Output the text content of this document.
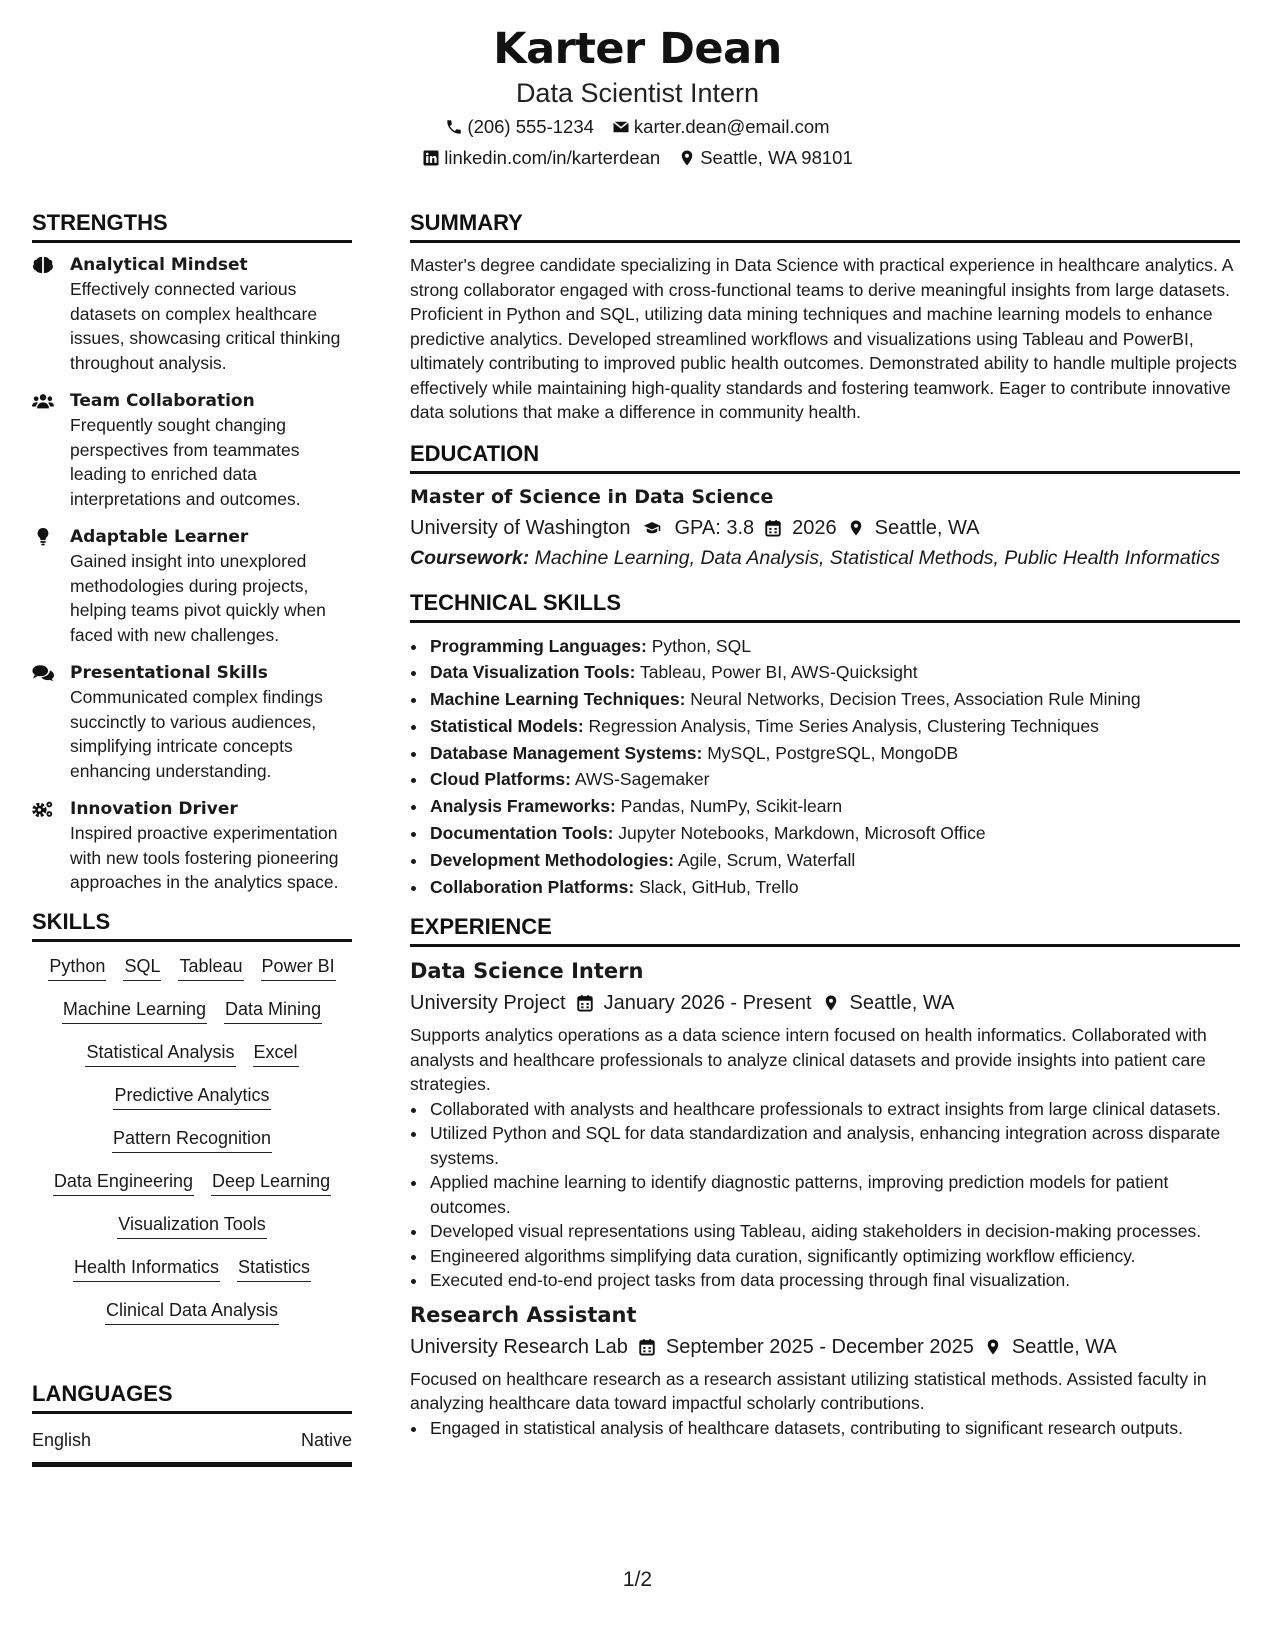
Karter Dean
Data Scientist Intern
(206) 555-1234 karter.dean@email.com
linkedin.com/in/karterdean Seattle, WA 98101
STRENGTHS
Analytical Mindset
Effectively connected various datasets on complex healthcare issues, showcasing critical thinking throughout analysis.
Team Collaboration
Frequently sought changing perspectives from teammates leading to enriched data interpretations and outcomes.
Adaptable Learner
Gained insight into unexplored methodologies during projects, helping teams pivot quickly when faced with new challenges.
Presentational Skills
Communicated complex findings succinctly to various audiences, simplifying intricate concepts enhancing understanding.
Innovation Driver
Inspired proactive experimentation with new tools fostering pioneering approaches in the analytics space.
SKILLS
Python SQL Tableau Power BI
Machine Learning Data Mining
Statistical Analysis Excel
Predictive Analytics
Pattern Recognition
Data Engineering Deep Learning
Visualization Tools
Health Informatics Statistics
Clinical Data Analysis
LANGUAGES
English	Native
SUMMARY

Master's degree candidate specializing in Data Science with practical experience in healthcare analytics. A strong collaborator engaged with cross-functional teams to derive meaningful insights from large datasets. Proficient in Python and SQL, utilizing data mining techniques and machine learning models to enhance predictive analytics. Developed streamlined workflows and visualizations using Tableau and PowerBI, ultimately contributing to improved public health outcomes. Demonstrated ability to handle multiple projects effectively while maintaining high-quality standards and fostering teamwork. Eager to contribute innovative data solutions that make a difference in community health.

EDUCATION
Master of Science in Data Science
University of Washington GPA: 3.8 2026 Seattle, WA
Coursework: Machine Learning, Data Analysis, Statistical Methods, Public Health Informatics
TECHNICAL SKILLS
• Programming Languages: Python, SQL
• Data Visualization Tools: Tableau, Power BI, AWS-Quicksight
• Machine Learning Techniques: Neural Networks, Decision Trees, Association Rule Mining
• Statistical Models: Regression Analysis, Time Series Analysis, Clustering Techniques
• Database Management Systems: MySQL, PostgreSQL, MongoDB
• Cloud Platforms: AWS-Sagemaker
• Analysis Frameworks: Pandas, NumPy, Scikit-learn
• Documentation Tools: Jupyter Notebooks, Markdown, Microsoft Office
• Development Methodologies: Agile, Scrum, Waterfall
• Collaboration Platforms: Slack, GitHub, Trello
EXPERIENCE
Data Science Intern
University Project January 2026 - Present Seattle, WA

Supports analytics operations as a data science intern focused on health informatics. Collaborated with analysts and healthcare professionals to analyze clinical datasets and provide insights into patient care strategies.

• Collaborated with analysts and healthcare professionals to extract insights from large clinical datasets.
• Utilized Python and SQL for data standardization and analysis, enhancing integration across disparate systems.
• Applied machine learning to identify diagnostic patterns, improving prediction models for patient outcomes.
• Developed visual representations using Tableau, aiding stakeholders in decision-making processes.
• Engineered algorithms simplifying data curation, significantly optimizing workflow efficiency.
• Executed end-to-end project tasks from data processing through final visualization.
Research Assistant
University Research Lab September 2025 - December 2025 Seattle, WA

Focused on healthcare research as a research assistant utilizing statistical methods. Assisted faculty in analyzing healthcare data toward impactful scholarly contributions.

• Engaged in statistical analysis of healthcare datasets, contributing to significant research outputs.
1/2
